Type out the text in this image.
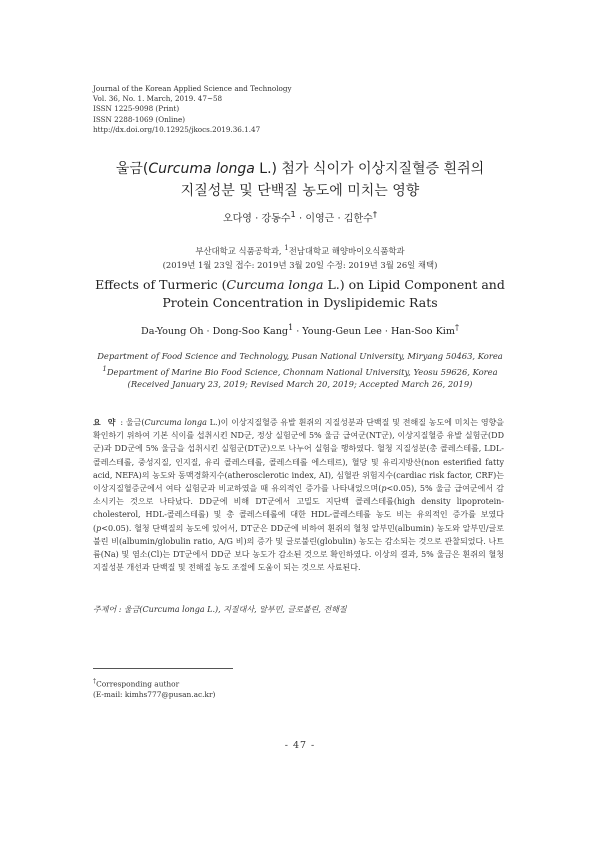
Journal of the Korean Applied Science and Technology
Vol. 36, No. 1. March, 2019. 47~58
ISSN 1225-9098 (Print)
ISSN 2288-1069 (Online)
http://dx.doi.org/10.12925/jkocs.2019.36.1.47
울금(Curcuma longa L.) 첨가 식이가 이상지질혈증 흰쥐의
지질성분 및 단백질 농도에 미치는 영향
오다영 · 강동수$^1$ · 이영근 · 김한수†
부산대학교 식품공학과, $^1$전남대학교 해양바이오식품학과
(2019년 1월 23일 접수: 2019년 3월 20일 수정: 2019년 3월 26일 채택)
Effects of Turmeric (Curcuma longa L.) on Lipid Component and
Protein Concentration in Dyslipidemic Rats
Da-Young Oh · Dong-Soo Kang$^1$ · Young-Geun Lee · Han-Soo Kim†
Department of Food Science and Technology, Pusan National University, Miryang 50463, Korea
$^1$Department of Marine Bio Food Science, Chonnam National University, Yeosu 59626, Korea
(Received January 23, 2019; Revised March 20, 2019; Accepted March 26, 2019)
요 약 : 울금(Curcuma longa L.)이 이상지질혈증 유발 흰쥐의 지질성분과 단백질 및 전해질 농도에 미치는 영향을 확인하기 위하여 기본 식이를 섭취시킨 ND군, 정상 실험군에 5% 울금 급여군(NT군), 이상지질혈증 유발 실험군(DD군)과 DD군에 5% 울금을 섭취시킨 실험군(DT군)으로 나누어 실험을 행하였다. 혈청 지질성분(총 콜레스테롤, LDL-콜레스테롤, 중성지질, 인지질, 유리 콜레스테롤, 콜레스테롤 에스테르), 혈당 및 유리지방산(non esterified fatty acid, NEFA)의 농도와 동맥경화지수(atherosclerotic index, AI), 심혈관 위험지수(cardiac risk factor, CRF)는 이상지질혈증군에서 여타 실험군과 비교하였을 때 유의적인 증가를 나타내었으며(p<0.05), 5% 울금 급여군에서 감소시키는 것으로 나타났다. DD군에 비해 DT군에서 고밀도 지단백 콜레스테롤(high density lipoprotein-cholesterol, HDL-콜레스테롤) 및 총 콜레스테롤에 대한 HDL-콜레스테롤 농도 비는 유의적인 증가를 보였다(p<0.05). 혈청 단백질의 농도에 있어서, DT군은 DD군에 비하여 흰쥐의 혈청 알부민(albumin) 농도와 알부민/글로불린 비(albumin/globulin ratio, A/G 비)의 증가 및 글로불린(globulin) 농도는 감소되는 것으로 관찰되었다. 나트륨(Na) 및 염소(Cl)는 DT군에서 DD군 보다 농도가 감소된 것으로 확인하였다. 이상의 결과, 5% 울금은 흰쥐의 혈청 지질성분 개선과 단백질 및 전해질 농도 조절에 도움이 되는 것으로 사료된다.
주제어 : 울금(Curcuma longa L.), 지질대사, 알부민, 글로불린, 전해질
†Corresponding author
(E-mail: kimhs777@pusan.ac.kr)
- 47 -
